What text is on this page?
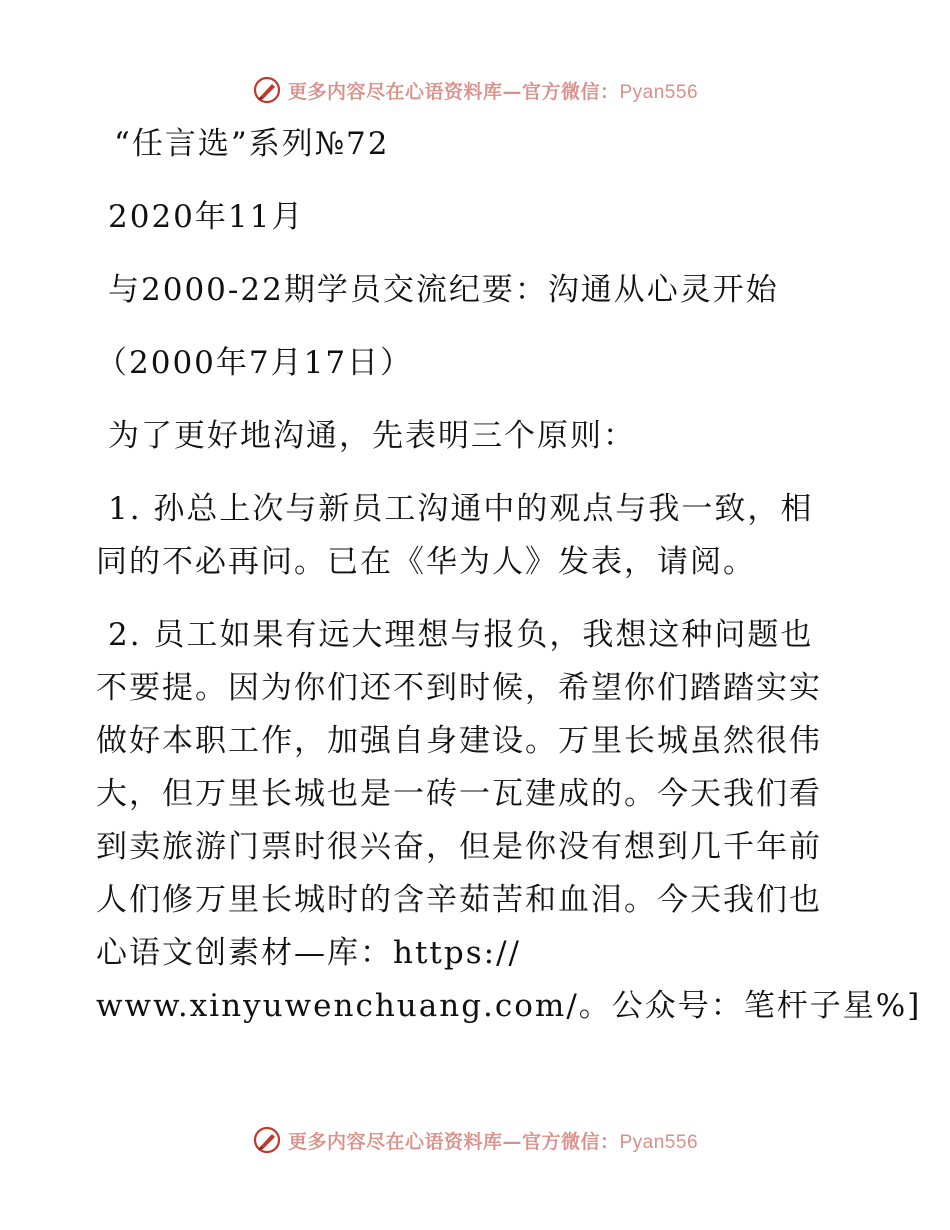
更多内容尽在心语资料库—官方微信：Pyan556
“任言选”系列№72
2020年11月
与2000-22期学员交流纪要：沟通从心灵开始
（2000年7月17日）
为了更好地沟通，先表明三个原则：
1. 孙总上次与新员工沟通中的观点与我一致，相
同的不必再问。已在《华为人》发表，请阅。
2. 员工如果有远大理想与报负，我想这种问题也
不要提。因为你们还不到时候，希望你们踏踏实实
做好本职工作，加强自身建设。万里长城虽然很伟
大，但万里长城也是一砖一瓦建成的。今天我们看
到卖旅游门票时很兴奋，但是你没有想到几千年前
人们修万里长城时的含辛茹苦和血泪。今天我们也
心语文创素材—库：https://
www.xinyuwenchuang.com/。公众号：笔杆子星%]
更多内容尽在心语资料库—官方微信：Pyan556
